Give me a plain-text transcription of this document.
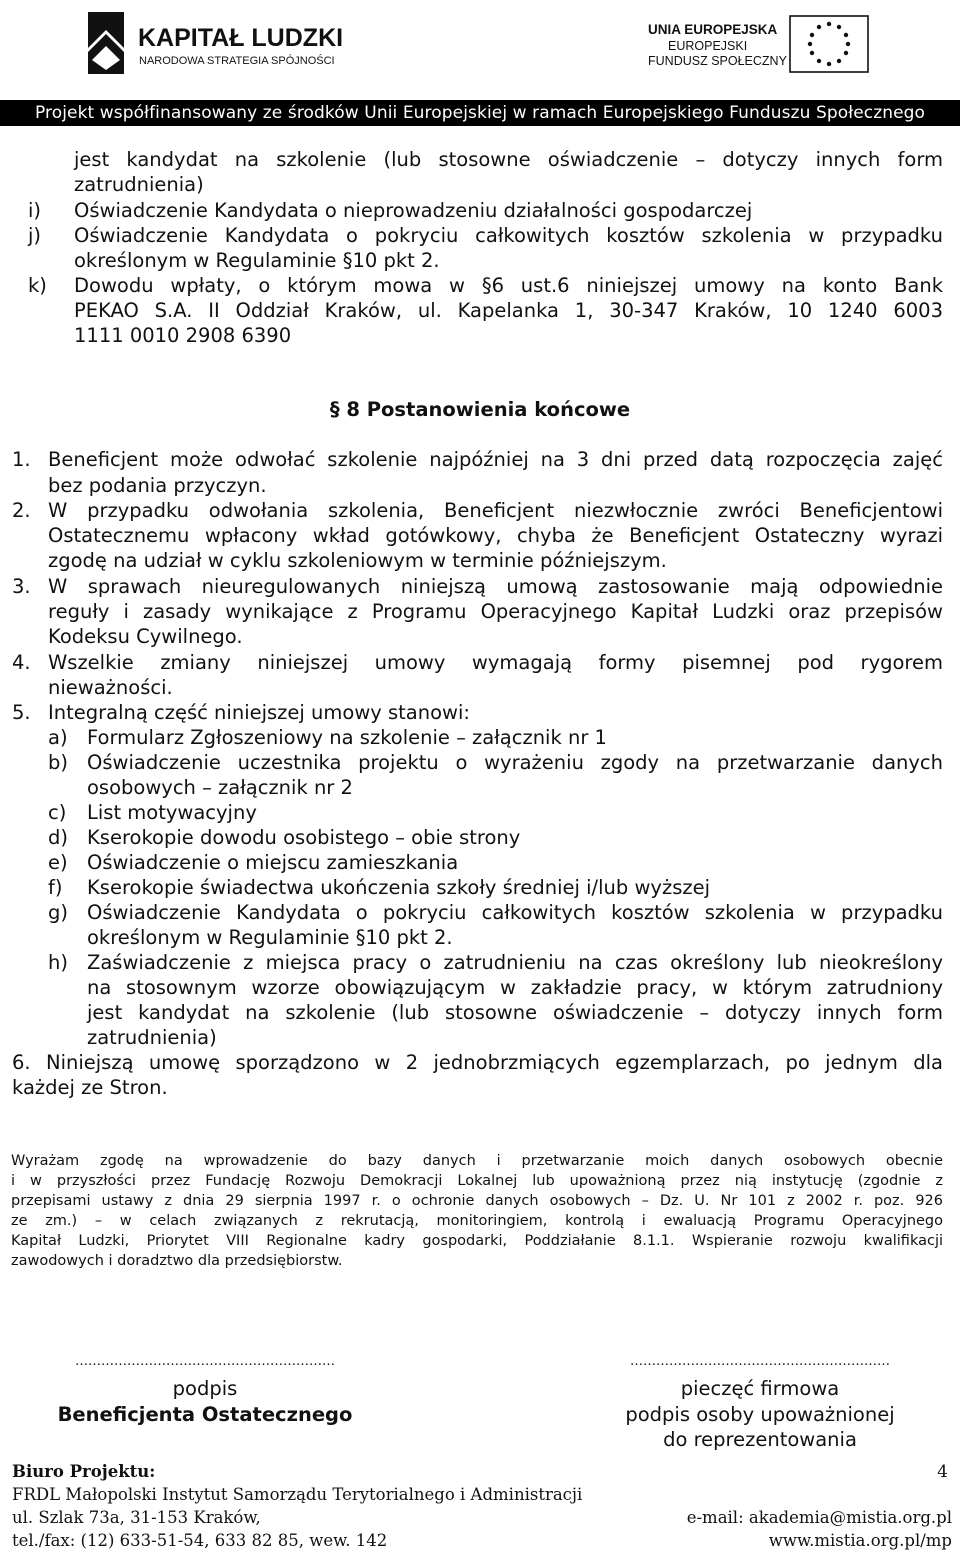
KAPITAŁ LUDZKI
NARODOWA STRATEGIA SPÓJNOŚCI
UNIA EUROPEJSKA
EUROPEJSKI
FUNDUSZ SPOŁECZNY
Projekt współfinansowany ze środków Unii Europejskiej w ramach Europejskiego Funduszu Społecznego
jest kandydat na szkolenie (lub stosowne oświadczenie – dotyczy innych form
zatrudnienia)
i) Oświadczenie Kandydata o nieprowadzeniu działalności gospodarczej
j) Oświadczenie Kandydata o pokryciu całkowitych kosztów szkolenia w przypadku
określonym w Regulaminie §10 pkt 2.
k) Dowodu wpłaty, o którym mowa w §6 ust.6 niniejszej umowy na konto Bank
PEKAO S.A. II Oddział Kraków, ul. Kapelanka 1, 30-347 Kraków, 10 1240 6003
1111 0010 2908 6390
§ 8 Postanowienia końcowe
1. Beneficjent może odwołać szkolenie najpóźniej na 3 dni przed datą rozpoczęcia zajęć
bez podania przyczyn.
2. W przypadku odwołania szkolenia, Beneficjent niezwłocznie zwróci Beneficjentowi
Ostatecznemu wpłacony wkład gotówkowy, chyba że Beneficjent Ostateczny wyrazi
zgodę na udział w cyklu szkoleniowym w terminie późniejszym.
3. W sprawach nieuregulowanych niniejszą umową zastosowanie mają odpowiednie
reguły i zasady wynikające z Programu Operacyjnego Kapitał Ludzki oraz przepisów
Kodeksu Cywilnego.
4. Wszelkie zmiany niniejszej umowy wymagają formy pisemnej pod rygorem
nieważności.
5. Integralną część niniejszej umowy stanowi:
a) Formularz Zgłoszeniowy na szkolenie – załącznik nr 1
b) Oświadczenie uczestnika projektu o wyrażeniu zgody na przetwarzanie danych
osobowych – załącznik nr 2
c) List motywacyjny
d) Kserokopie dowodu osobistego – obie strony
e) Oświadczenie o miejscu zamieszkania
f) Kserokopie świadectwa ukończenia szkoły średniej i/lub wyższej
g) Oświadczenie Kandydata o pokryciu całkowitych kosztów szkolenia w przypadku
określonym w Regulaminie §10 pkt 2.
h) Zaświadczenie z miejsca pracy o zatrudnieniu na czas określony lub nieokreślony
na stosownym wzorze obowiązującym w zakładzie pracy, w którym zatrudniony
jest kandydat na szkolenie (lub stosowne oświadczenie – dotyczy innych form
zatrudnienia)
6. Niniejszą umowę sporządzono w 2 jednobrzmiących egzemplarzach, po jednym dla
każdej ze Stron.
Wyrażam zgodę na wprowadzenie do bazy danych i przetwarzanie moich danych osobowych obecnie
i w przyszłości przez Fundację Rozwoju Demokracji Lokalnej lub upoważnioną przez nią instytucję (zgodnie z
przepisami ustawy z dnia 29 sierpnia 1997 r. o ochronie danych osobowych – Dz. U. Nr 101 z 2002 r. poz. 926
ze zm.) – w celach związanych z rekrutacją, monitoringiem, kontrolą i ewaluacją Programu Operacyjnego
Kapitał Ludzki, Priorytet VIII Regionalne kadry gospodarki, Poddziałanie 8.1.1. Wspieranie rozwoju kwalifikacji
zawodowych i doradztwo dla przedsiębiorstw.
……………………………………………………
podpis
Beneficjenta Ostatecznego
……………………………………………………
pieczęć firmowa
podpis osoby upoważnionej
do reprezentowania
Biuro Projektu:
FRDL Małopolski Instytut Samorządu Terytorialnego i Administracji
ul. Szlak 73a, 31-153 Kraków,
tel./fax: (12) 633-51-54, 633 82 85, wew. 142
e-mail: akademia@mistia.org.pl
www.mistia.org.pl/mp
4
